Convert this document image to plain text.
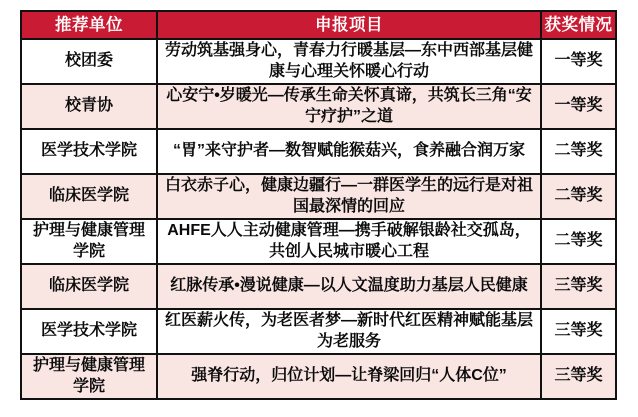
推荐单位	申报项目	获奖情况
校团委	劳动筑基强身心，青春力行暖基层—东中西部基层健康与心理关怀暖心行动	一等奖
校青协	心安宁•岁暖光—传承生命关怀真谛，共筑长三角“安宁疗护”之道	一等奖
医学技术学院	“胃”来守护者—数智赋能猴菇兴，食养融合润万家	二等奖
临床医学院	白衣赤子心，健康边疆行—一群医学生的远行是对祖国最深情的回应	二等奖
护理与健康管理学院	AHFE人人主动健康管理—携手破解银龄社交孤岛，共创人民城市暖心工程	二等奖
临床医学院	红脉传承•漫说健康—以人文温度助力基层人民健康	三等奖
医学技术学院	红医薪火传，为老医者梦—新时代红医精神赋能基层为老服务	三等奖
护理与健康管理学院	强脊行动，归位计划—让脊梁回归“人体C位”	三等奖
